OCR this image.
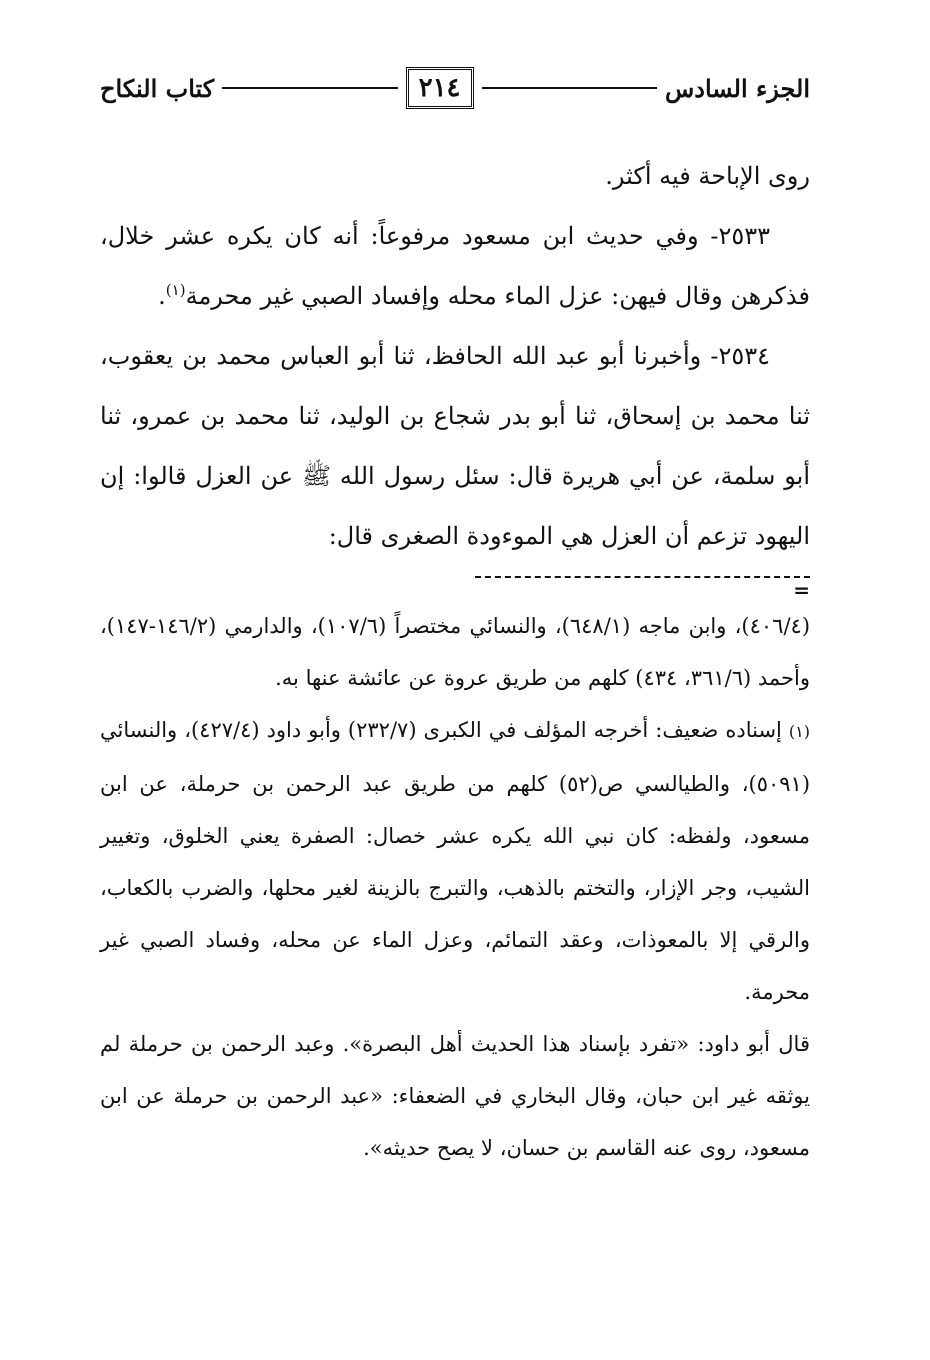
الجزء السادس
٢١٤
كتاب النكاح

روى الإباحة فيه أكثر.

٢٥٣٣- وفي حديث ابن مسعود مرفوعاً: أنه كان يكره عشر خلال، فذكرهن وقال فيهن: عزل الماء محله وإفساد الصبي غير محرمة$^{(١)}$.

٢٥٣٤- وأخبرنا أبو عبد الله الحافظ، ثنا أبو العباس محمد بن يعقوب، ثنا محمد بن إسحاق، ثنا أبو بدر شجاع بن الوليد، ثنا محمد بن عمرو، ثنا أبو سلمة، عن أبي هريرة قال: سئل رسول الله ﷺ عن العزل قالوا: إن اليهود تزعم أن العزل هي الموءودة الصغرى قال:

=

(٤٠٦/٤)، وابن ماجه (٦٤٨/١)، والنسائي مختصراً (١٠٧/٦)، والدارمي (١٤٦/٢-١٤٧)، وأحمد (٣٦١/٦، ٤٣٤) كلهم من طريق عروة عن عائشة عنها به.

(١) إسناده ضعيف: أخرجه المؤلف في الكبرى (٢٣٢/٧) وأبو داود (٤٢٧/٤)، والنسائي (٥٠٩١)، والطيالسي ص(٥٢) كلهم من طريق عبد الرحمن بن حرملة، عن ابن مسعود، ولفظه: كان نبي الله يكره عشر خصال: الصفرة يعني الخلوق، وتغيير الشيب، وجر الإزار، والتختم بالذهب، والتبرج بالزينة لغير محلها، والضرب بالكعاب، والرقي إلا بالمعوذات، وعقد التمائم، وعزل الماء عن محله، وفساد الصبي غير محرمة.

قال أبو داود: «تفرد بإسناد هذا الحديث أهل البصرة». وعبد الرحمن بن حرملة لم يوثقه غير ابن حبان، وقال البخاري في الضعفاء: «عبد الرحمن بن حرملة عن ابن مسعود، روى عنه القاسم بن حسان، لا يصح حديثه».
